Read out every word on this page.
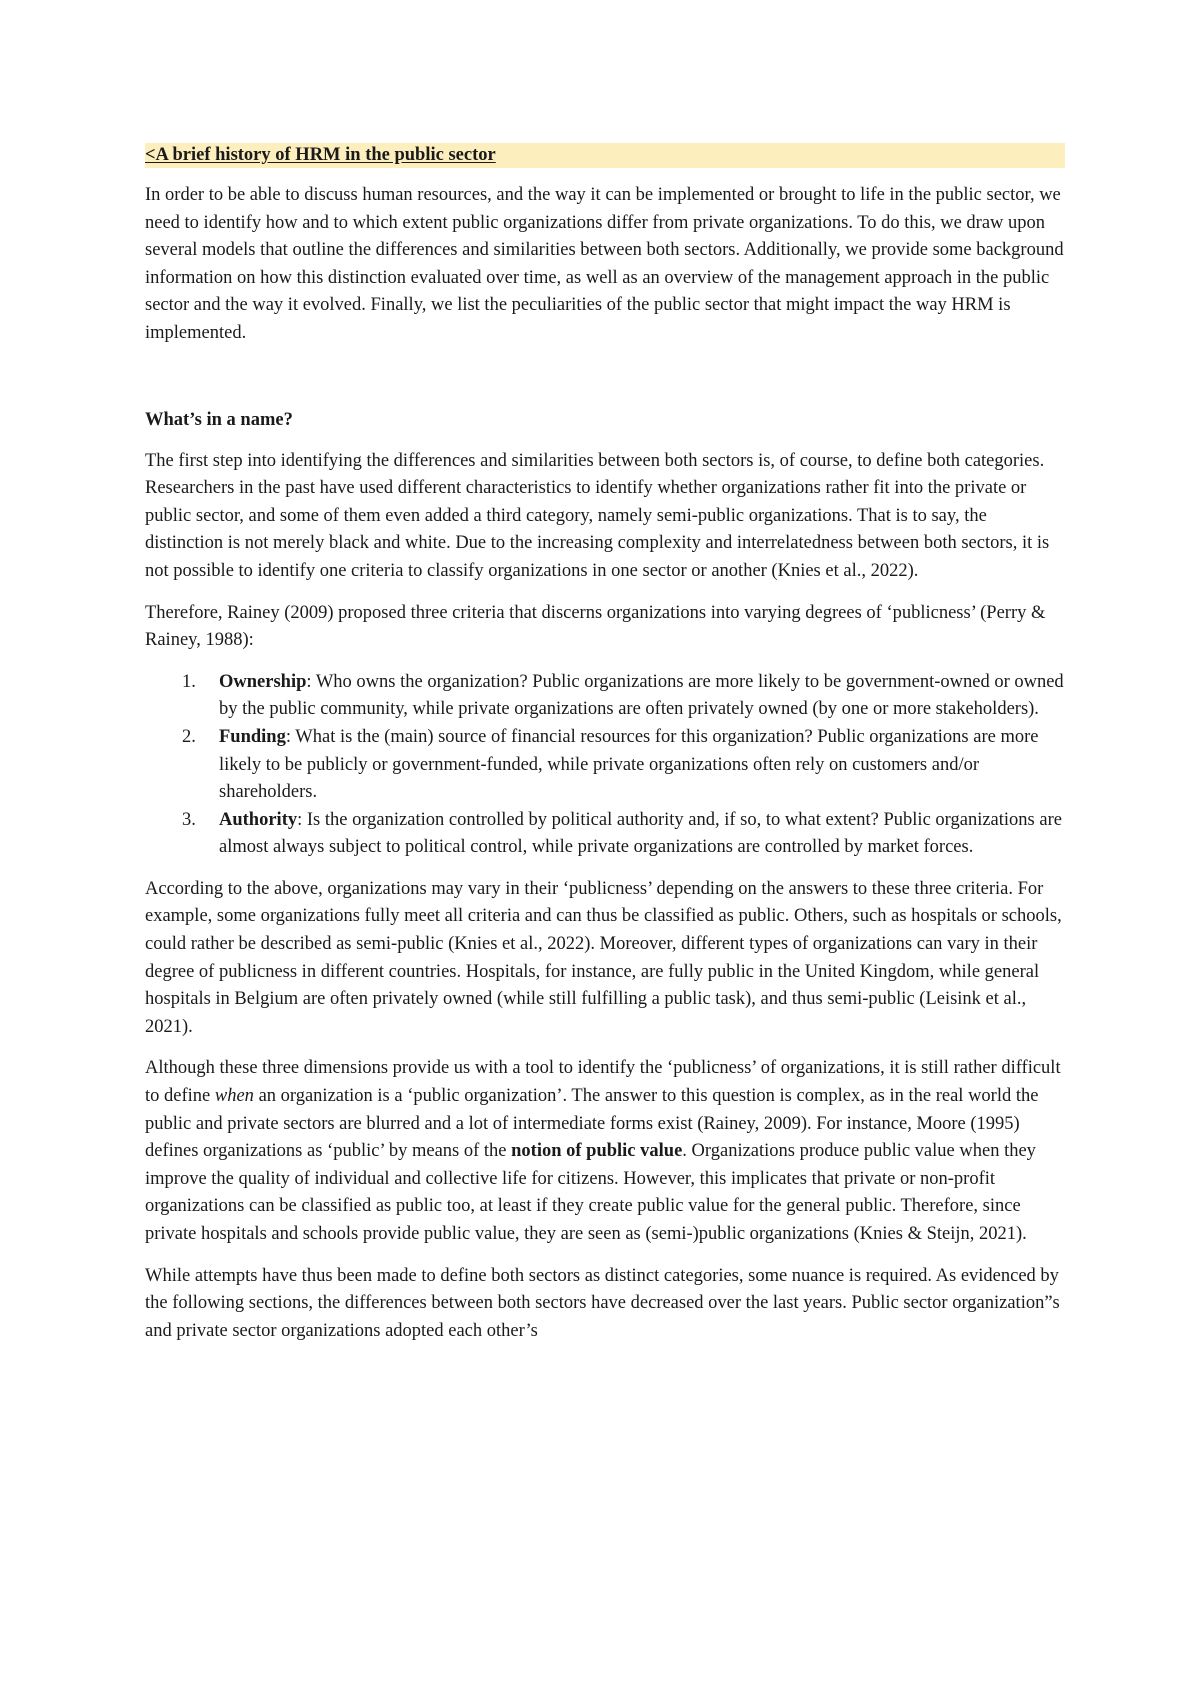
<A brief history of HRM in the public sector

In order to be able to discuss human resources, and the way it can be implemented or brought to life in the public sector, we need to identify how and to which extent public organizations differ from private organizations. To do this, we draw upon several models that outline the differences and similarities between both sectors. Additionally, we provide some background information on how this distinction evaluated over time, as well as an overview of the management approach in the public sector and the way it evolved. Finally, we list the peculiarities of the public sector that might impact the way HRM is implemented.

What’s in a name?

The first step into identifying the differences and similarities between both sectors is, of course, to define both categories. Researchers in the past have used different characteristics to identify whether organizations rather fit into the private or public sector, and some of them even added a third category, namely semi-public organizations. That is to say, the distinction is not merely black and white. Due to the increasing complexity and interrelatedness between both sectors, it is not possible to identify one criteria to classify organizations in one sector or another (Knies et al., 2022).

Therefore, Rainey (2009) proposed three criteria that discerns organizations into varying degrees of ‘publicness’ (Perry & Rainey, 1988):

1. Ownership: Who owns the organization? Public organizations are more likely to be government-owned or owned by the public community, while private organizations are often privately owned (by one or more stakeholders).
2. Funding: What is the (main) source of financial resources for this organization? Public organizations are more likely to be publicly or government-funded, while private organizations often rely on customers and/or shareholders.
3. Authority: Is the organization controlled by political authority and, if so, to what extent? Public organizations are almost always subject to political control, while private organizations are controlled by market forces.

According to the above, organizations may vary in their ‘publicness’ depending on the answers to these three criteria. For example, some organizations fully meet all criteria and can thus be classified as public. Others, such as hospitals or schools, could rather be described as semi-public (Knies et al., 2022). Moreover, different types of organizations can vary in their degree of publicness in different countries. Hospitals, for instance, are fully public in the United Kingdom, while general hospitals in Belgium are often privately owned (while still fulfilling a public task), and thus semi-public (Leisink et al., 2021).

Although these three dimensions provide us with a tool to identify the ‘publicness’ of organizations, it is still rather difficult to define when an organization is a ‘public organization’. The answer to this question is complex, as in the real world the public and private sectors are blurred and a lot of intermediate forms exist (Rainey, 2009). For instance, Moore (1995) defines organizations as ‘public’ by means of the notion of public value. Organizations produce public value when they improve the quality of individual and collective life for citizens. However, this implicates that private or non-profit organizations can be classified as public too, at least if they create public value for the general public. Therefore, since private hospitals and schools provide public value, they are seen as (semi-)public organizations (Knies & Steijn, 2021).

While attempts have thus been made to define both sectors as distinct categories, some nuance is required. As evidenced by the following sections, the differences between both sectors have decreased over the last years. Public sector organization”s and private sector organizations adopted each other’s
